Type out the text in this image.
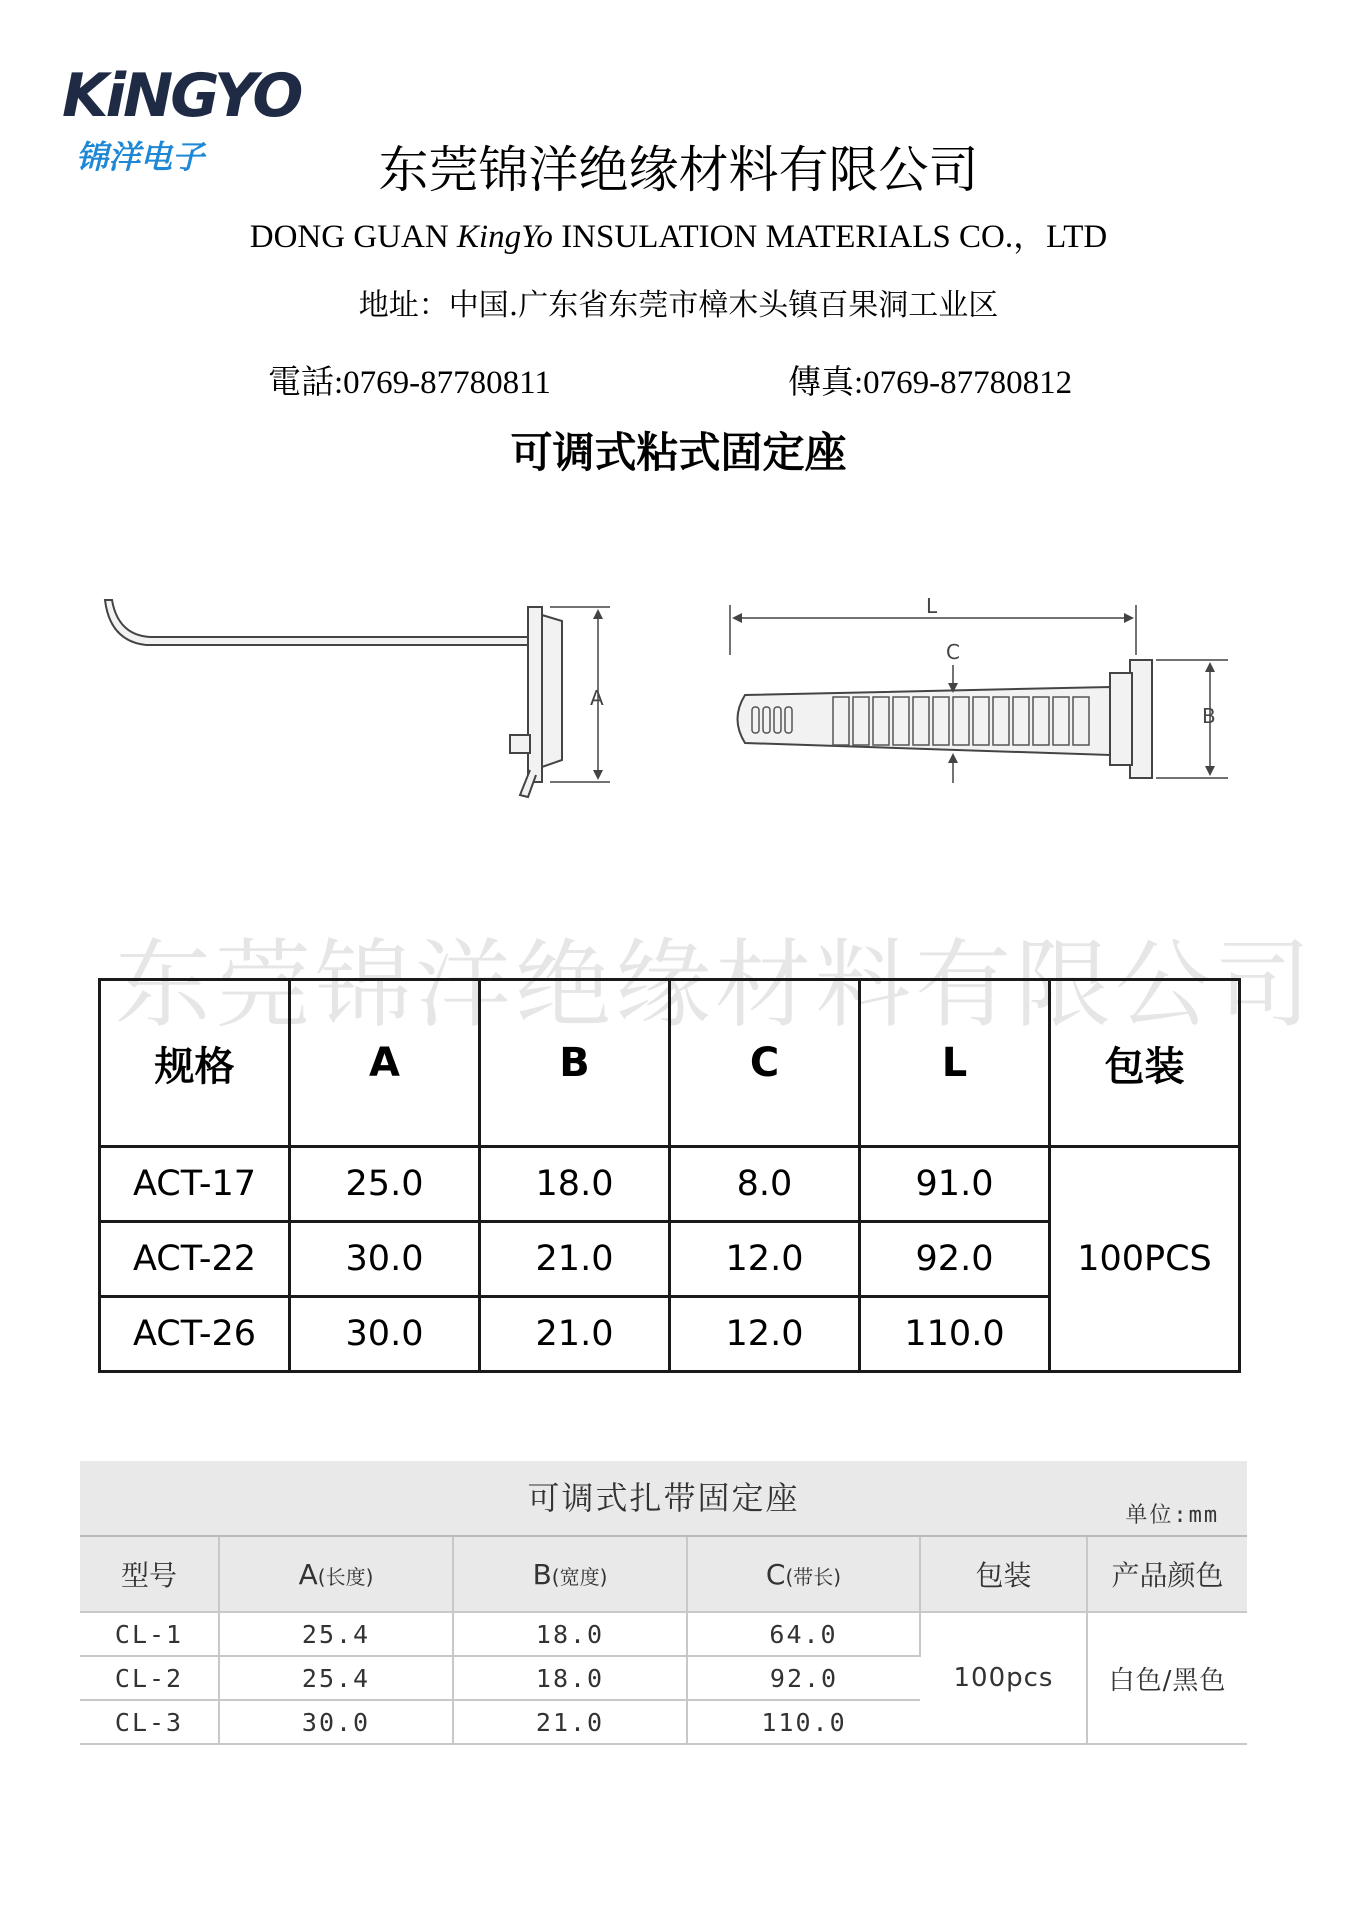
KiNGYO
锦洋电子	东莞锦洋绝缘材料有限公司
DONG GUAN KingYo INSULATION MATERIALS CO.，LTD
地址：中国.广东省东莞市樟木头镇百果洞工业区
電話:0769-87780811	傳真:0769-87780812
可调式粘式固定座
A
L
C
B
东莞锦洋绝缘材料有限公司
规格	A	B	C	L	包装
ACT-17	25.0	18.0	8.0	91.0	100PCS
ACT-22	30.0	21.0	12.0	92.0	
ACT-26	30.0	21.0	12.0	110.0	
可调式扎带固定座 单位:mm					

型号	A(长度)	B(宽度)	C(带长)	包装	产品颜色
CL-1	25.4	18.0	64.0	100pcs	白色/黑色
CL-2	25.4	18.0	92.0		
CL-3	30.0	21.0	110.0		
